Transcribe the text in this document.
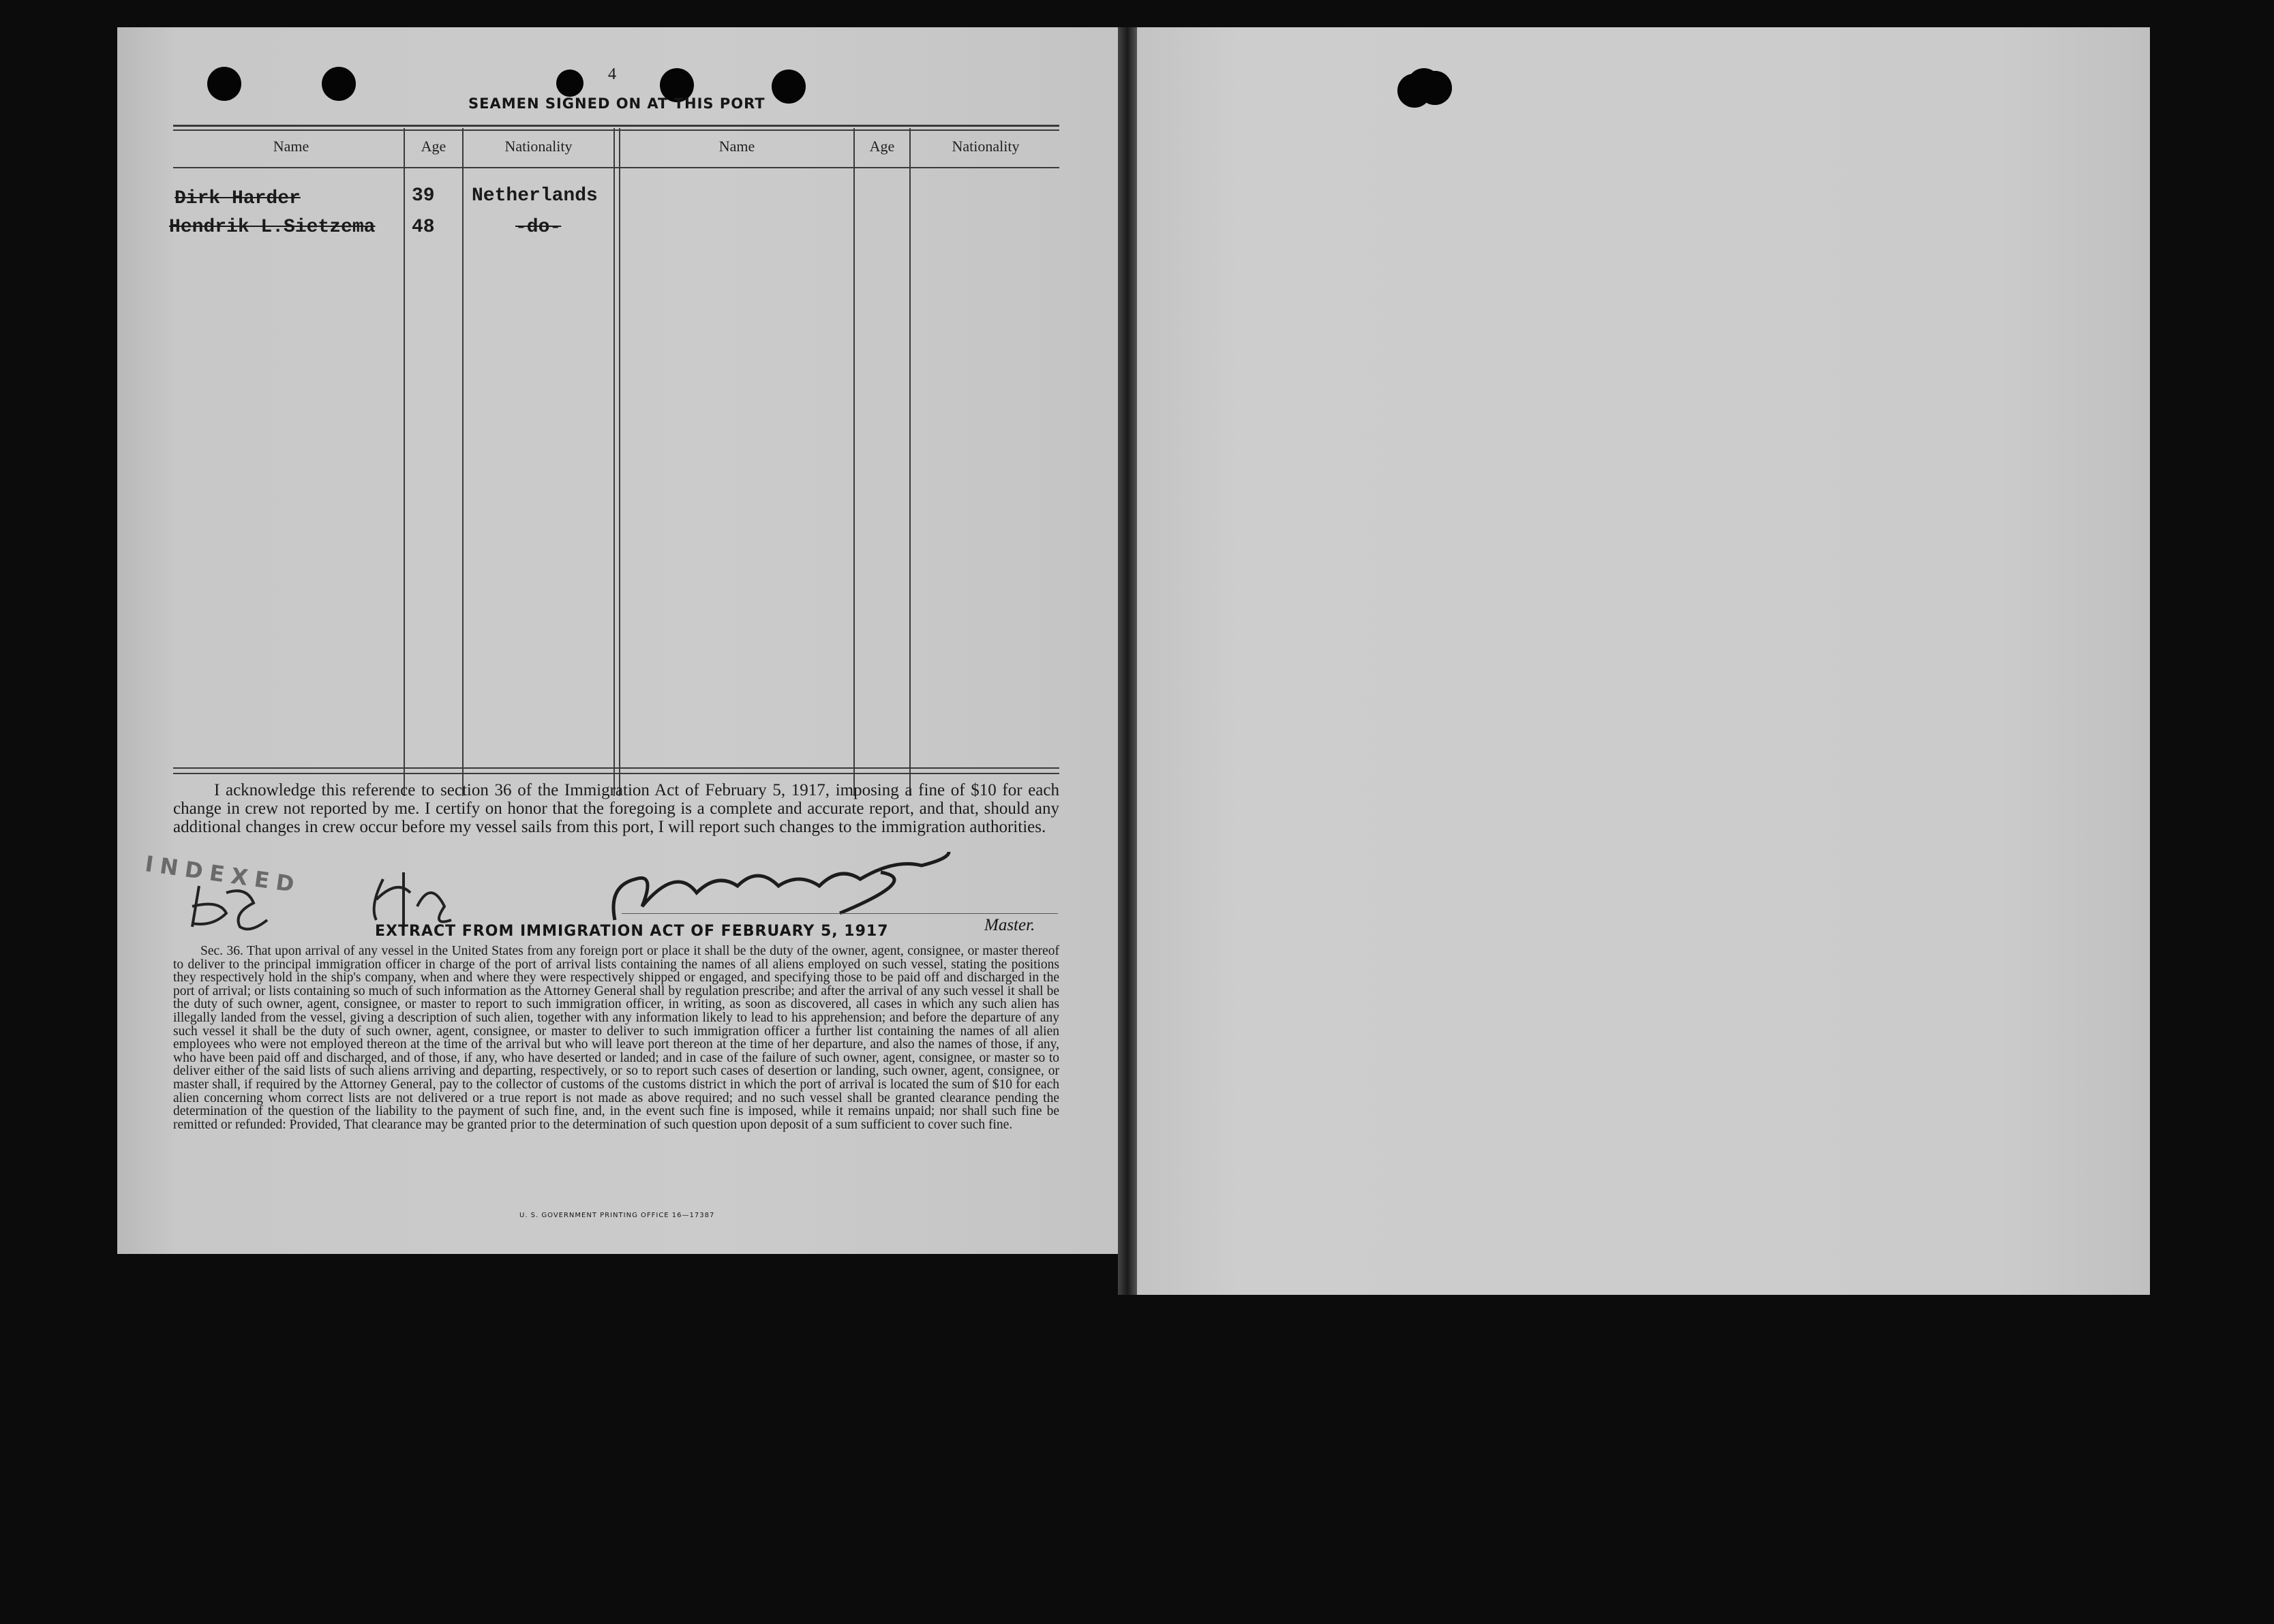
4
SEAMEN SIGNED ON AT THIS PORT
Name	Age	Nationality	Name	Age	Nationality
Dirk Harder	39 Netherlands
Hendrik L.Sietzema 48	-do-
I acknowledge this reference to section 36 of the Immigration Act of February 5, 1917, imposing a fine of $10 for each change in crew not reported by me. I certify on honor that the foregoing is a complete and accurate report, and that, should any additional changes in crew occur before my vessel sails from this port, I will report such changes to the immigration authorities.
INDEXED
Master.
EXTRACT FROM IMMIGRATION ACT OF FEBRUARY 5, 1917
Sec. 36. That upon arrival of any vessel in the United States from any foreign port or place it shall be the duty of the owner, agent, consignee, or master thereof to deliver to the principal immigration officer in charge of the port of arrival lists containing the names of all aliens employed on such vessel, stating the positions they respectively hold in the ship's company, when and where they were respectively shipped or engaged, and specifying those to be paid off and discharged in the port of arrival; or lists containing so much of such information as the Attorney General shall by regulation prescribe; and after the arrival of any such vessel it shall be the duty of such owner, agent, consignee, or master to report to such immigration officer, in writing, as soon as discovered, all cases in which any such alien has illegally landed from the vessel, giving a description of such alien, together with any information likely to lead to his apprehension; and before the departure of any such vessel it shall be the duty of such owner, agent, consignee, or master to deliver to such immigration officer a further list containing the names of all alien employees who were not employed thereon at the time of the arrival but who will leave port thereon at the time of her departure, and also the names of those, if any, who have been paid off and discharged, and of those, if any, who have deserted or landed; and in case of the failure of such owner, agent, consignee, or master so to deliver either of the said lists of such aliens arriving and departing, respectively, or so to report such cases of desertion or landing, such owner, agent, consignee, or master shall, if required by the Attorney General, pay to the collector of customs of the customs district in which the port of arrival is located the sum of $10 for each alien concerning whom correct lists are not delivered or a true report is not made as above required; and no such vessel shall be granted clearance pending the determination of the question of the liability to the payment of such fine, and, in the event such fine is imposed, while it remains unpaid; nor shall such fine be remitted or refunded: Provided, That clearance may be granted prior to the determination of such question upon deposit of a sum sufficient to cover such fine.
U. S. GOVERNMENT PRINTING OFFICE 16—17387
